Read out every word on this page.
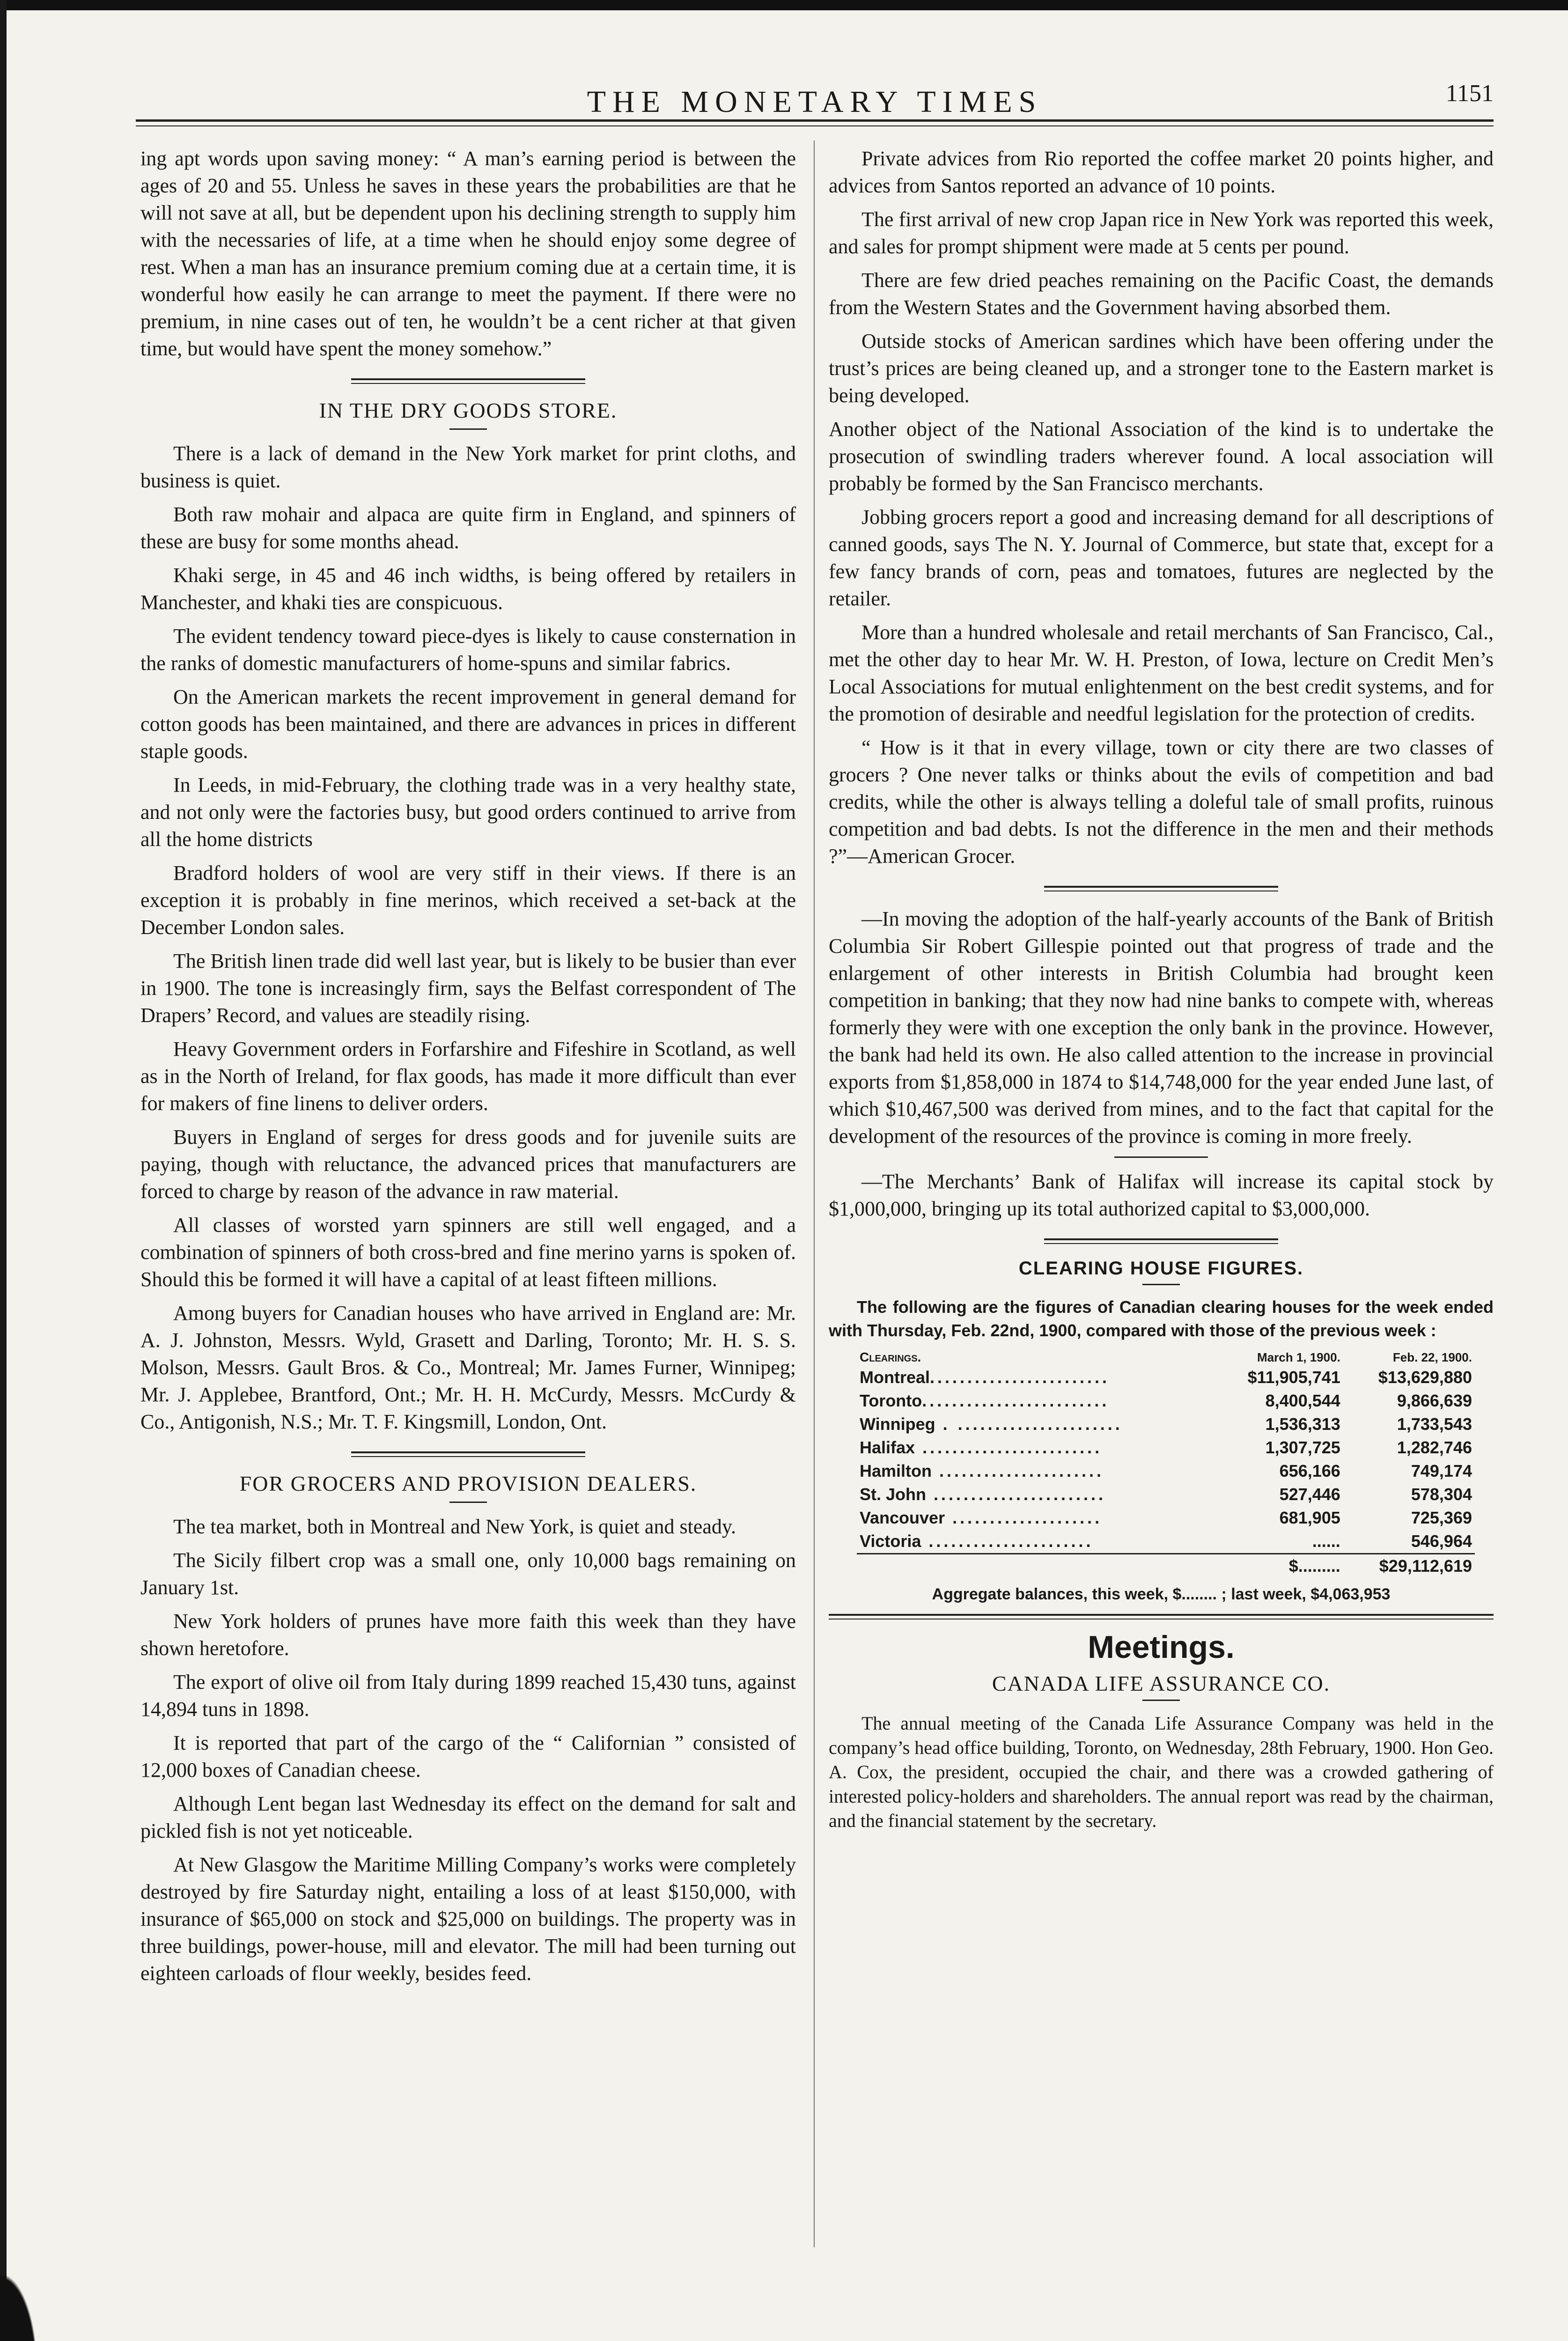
THE MONETARY TIMES	1151

ing apt words upon saving money: “ A man’s earning period is between the ages of 20 and 55. Unless he saves in these years the probabilities are that he will not save at all, but be dependent upon his declining strength to supply him with the necessaries of life, at a time when he should enjoy some degree of rest. When a man has an insurance premium coming due at a certain time, it is wonderful how easily he can arrange to meet the payment. If there were no premium, in nine cases out of ten, he wouldn’t be a cent richer at that given time, but would have spent the money somehow.”

IN THE DRY GOODS STORE.

There is a lack of demand in the New York market for print cloths, and business is quiet.

Both raw mohair and alpaca are quite firm in England, and spinners of these are busy for some months ahead.

Khaki serge, in 45 and 46 inch widths, is being offered by retailers in Manchester, and khaki ties are conspicuous.

The evident tendency toward piece-dyes is likely to cause consternation in the ranks of domestic manufacturers of home-spuns and similar fabrics.

On the American markets the recent improvement in general demand for cotton goods has been maintained, and there are advances in prices in different staple goods.

In Leeds, in mid-February, the clothing trade was in a very healthy state, and not only were the factories busy, but good orders continued to arrive from all the home districts

Bradford holders of wool are very stiff in their views. If there is an exception it is probably in fine merinos, which received a set-back at the December London sales.

The British linen trade did well last year, but is likely to be busier than ever in 1900. The tone is increasingly firm, says the Belfast correspondent of The Drapers’ Record, and values are steadily rising.

Heavy Government orders in Forfarshire and Fifeshire in Scotland, as well as in the North of Ireland, for flax goods, has made it more difficult than ever for makers of fine linens to deliver orders.

Buyers in England of serges for dress goods and for juvenile suits are paying, though with reluctance, the advanced prices that manufacturers are forced to charge by reason of the advance in raw material.

All classes of worsted yarn spinners are still well engaged, and a combination of spinners of both cross-bred and fine merino yarns is spoken of. Should this be formed it will have a capital of at least fifteen millions.

Among buyers for Canadian houses who have arrived in England are: Mr. A. J. Johnston, Messrs. Wyld, Grasett and Darling, Toronto; Mr. H. S. S. Molson, Messrs. Gault Bros. & Co., Montreal; Mr. James Furner, Winnipeg; Mr. J. Applebee, Brantford, Ont.; Mr. H. H. McCurdy, Messrs. McCurdy & Co., Antigonish, N.S.; Mr. T. F. Kingsmill, London, Ont.

FOR GROCERS AND PROVISION DEALERS.

The tea market, both in Montreal and New York, is quiet and steady.

The Sicily filbert crop was a small one, only 10,000 bags remaining on January 1st.

New York holders of prunes have more faith this week than they have shown heretofore.

The export of olive oil from Italy during 1899 reached 15,430 tuns, against 14,894 tuns in 1898.

It is reported that part of the cargo of the “ Californian ” consisted of 12,000 boxes of Canadian cheese.

Although Lent began last Wednesday its effect on the demand for salt and pickled fish is not yet noticeable.

At New Glasgow the Maritime Milling Company’s works were completely destroyed by fire Saturday night, entailing a loss of at least $150,000, with insurance of $65,000 on stock and $25,000 on buildings. The property was in three buildings, power-house, mill and elevator. The mill had been turning out eighteen carloads of flour weekly, besides feed.

Private advices from Rio reported the coffee market 20 points higher, and advices from Santos reported an advance of 10 points.

The first arrival of new crop Japan rice in New York was reported this week, and sales for prompt shipment were made at 5 cents per pound.

There are few dried peaches remaining on the Pacific Coast, the demands from the Western States and the Government having absorbed them.

Outside stocks of American sardines which have been offering under the trust’s prices are being cleaned up, and a stronger tone to the Eastern market is being developed.

Another object of the National Association of the kind is to undertake the prosecution of swindling traders wherever found. A local association will probably be formed by the San Francisco merchants.

Jobbing grocers report a good and increasing demand for all descriptions of canned goods, says The N. Y. Journal of Commerce, but state that, except for a few fancy brands of corn, peas and tomatoes, futures are neglected by the retailer.

More than a hundred wholesale and retail merchants of San Francisco, Cal., met the other day to hear Mr. W. H. Preston, of Iowa, lecture on Credit Men’s Local Associations for mutual enlightenment on the best credit systems, and for the promotion of desirable and needful legislation for the protection of credits.

“ How is it that in every village, town or city there are two classes of grocers ? One never talks or thinks about the evils of competition and bad credits, while the other is always telling a doleful tale of small profits, ruinous competition and bad debts. Is not the difference in the men and their methods ?”—American Grocer.

—In moving the adoption of the half-yearly accounts of the Bank of British Columbia Sir Robert Gillespie pointed out that progress of trade and the enlargement of other interests in British Columbia had brought keen competition in banking; that they now had nine banks to compete with, whereas formerly they were with one exception the only bank in the province. However, the bank had held its own. He also called attention to the increase in provincial exports from $1,858,000 in 1874 to $14,748,000 for the year ended June last, of which $10,467,500 was derived from mines, and to the fact that capital for the development of the resources of the province is coming in more freely.

—The Merchants’ Bank of Halifax will increase its capital stock by $1,000,000, bringing up its total authorized capital to $3,000,000.

CLEARING HOUSE FIGURES.

The following are the figures of Canadian clearing houses for the week ended with Thursday, Feb. 22nd, 1900, compared with those of the previous week :

Clearings.	March 1, 1900.	Feb. 22, 1900.
Montreal........................	$11,905,741	$13,629,880
Toronto.........................	8,400,544	9,866,639
Winnipeg . ......................	1,536,313	1,733,543
Halifax ........................	1,307,725	1,282,746
Hamilton ......................	656,166	749,174
St. John .......................	527,446	578,304
Vancouver ....................	681,905	725,369
Victoria ......................	......	546,964
	$.........	$29,112,619
Aggregate balances, this week, $........ ; last week, $4,063,953
Meetings.
CANADA LIFE ASSURANCE CO.

The annual meeting of the Canada Life Assurance Company was held in the company’s head office building, Toronto, on Wednesday, 28th February, 1900. Hon Geo. A. Cox, the president, occupied the chair, and there was a crowded gathering of interested policy-holders and shareholders. The annual report was read by the chairman, and the financial statement by the secretary.
